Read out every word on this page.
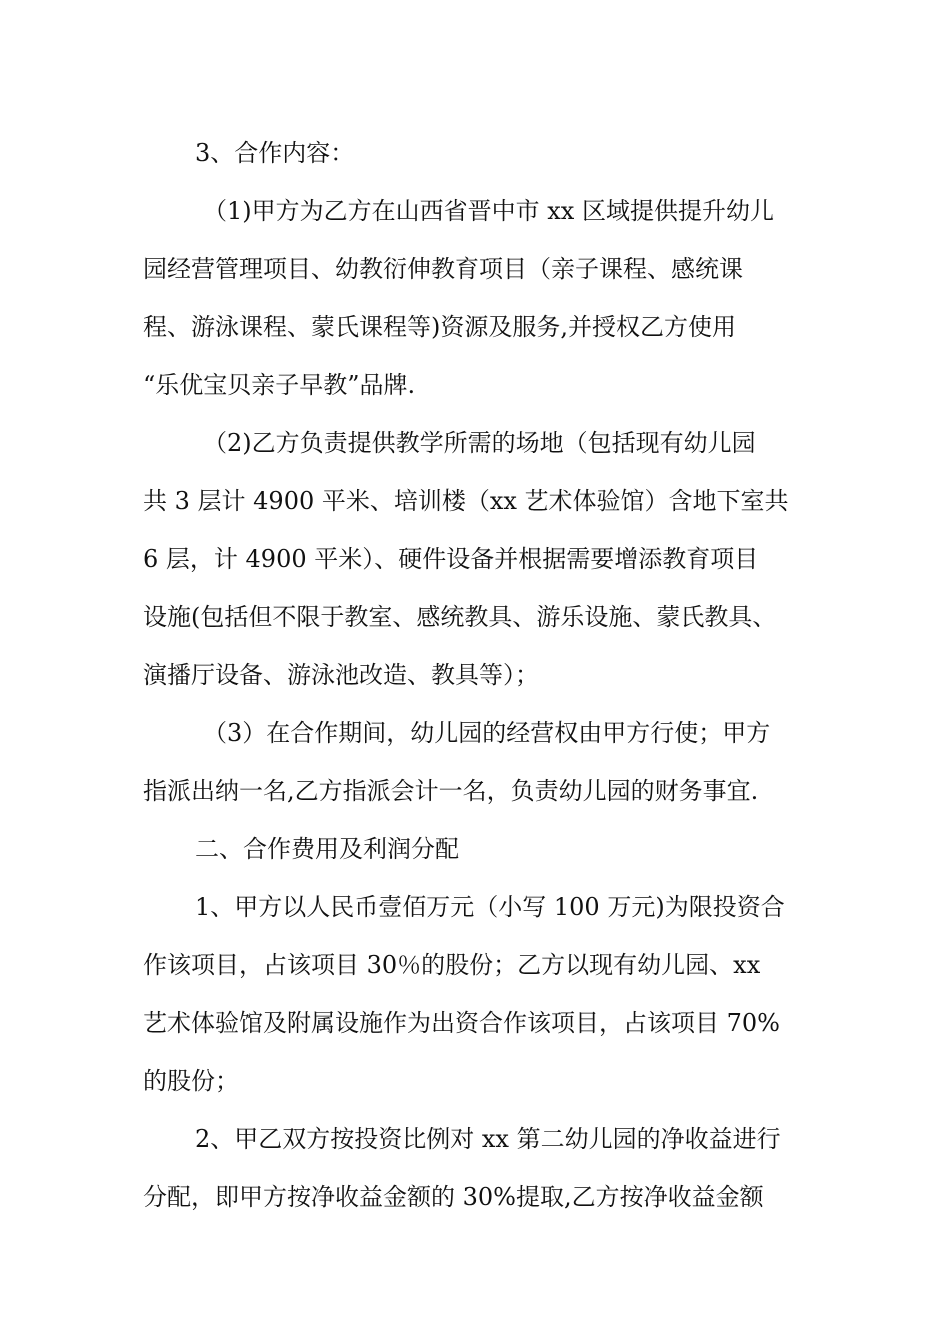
3、合作内容：
（1)甲方为乙方在山西省晋中市 xx 区域提供提升幼儿
园经营管理项目、幼教衍伸教育项目（亲子课程、感统课
程、游泳课程、蒙氏课程等)资源及服务,并授权乙方使用
“乐优宝贝亲子早教”品牌.
（2)乙方负责提供教学所需的场地（包括现有幼儿园
共 3 层计 4900 平米、培训楼（xx 艺术体验馆）含地下室共
6 层，计 4900 平米）、硬件设备并根据需要增添教育项目
设施(包括但不限于教室、感统教具、游乐设施、蒙氏教具、
演播厅设备、游泳池改造、教具等）；
（3）在合作期间，幼儿园的经营权由甲方行使；甲方
指派出纳一名,乙方指派会计一名，负责幼儿园的财务事宜.
二、合作费用及利润分配
1、甲方以人民币壹佰万元（小写 100 万元)为限投资合
作该项目，占该项目 30％的股份；乙方以现有幼儿园、xx
艺术体验馆及附属设施作为出资合作该项目，占该项目 70%
的股份；
2、甲乙双方按投资比例对 xx 第二幼儿园的净收益进行
分配，即甲方按净收益金额的 30%提取,乙方按净收益金额
